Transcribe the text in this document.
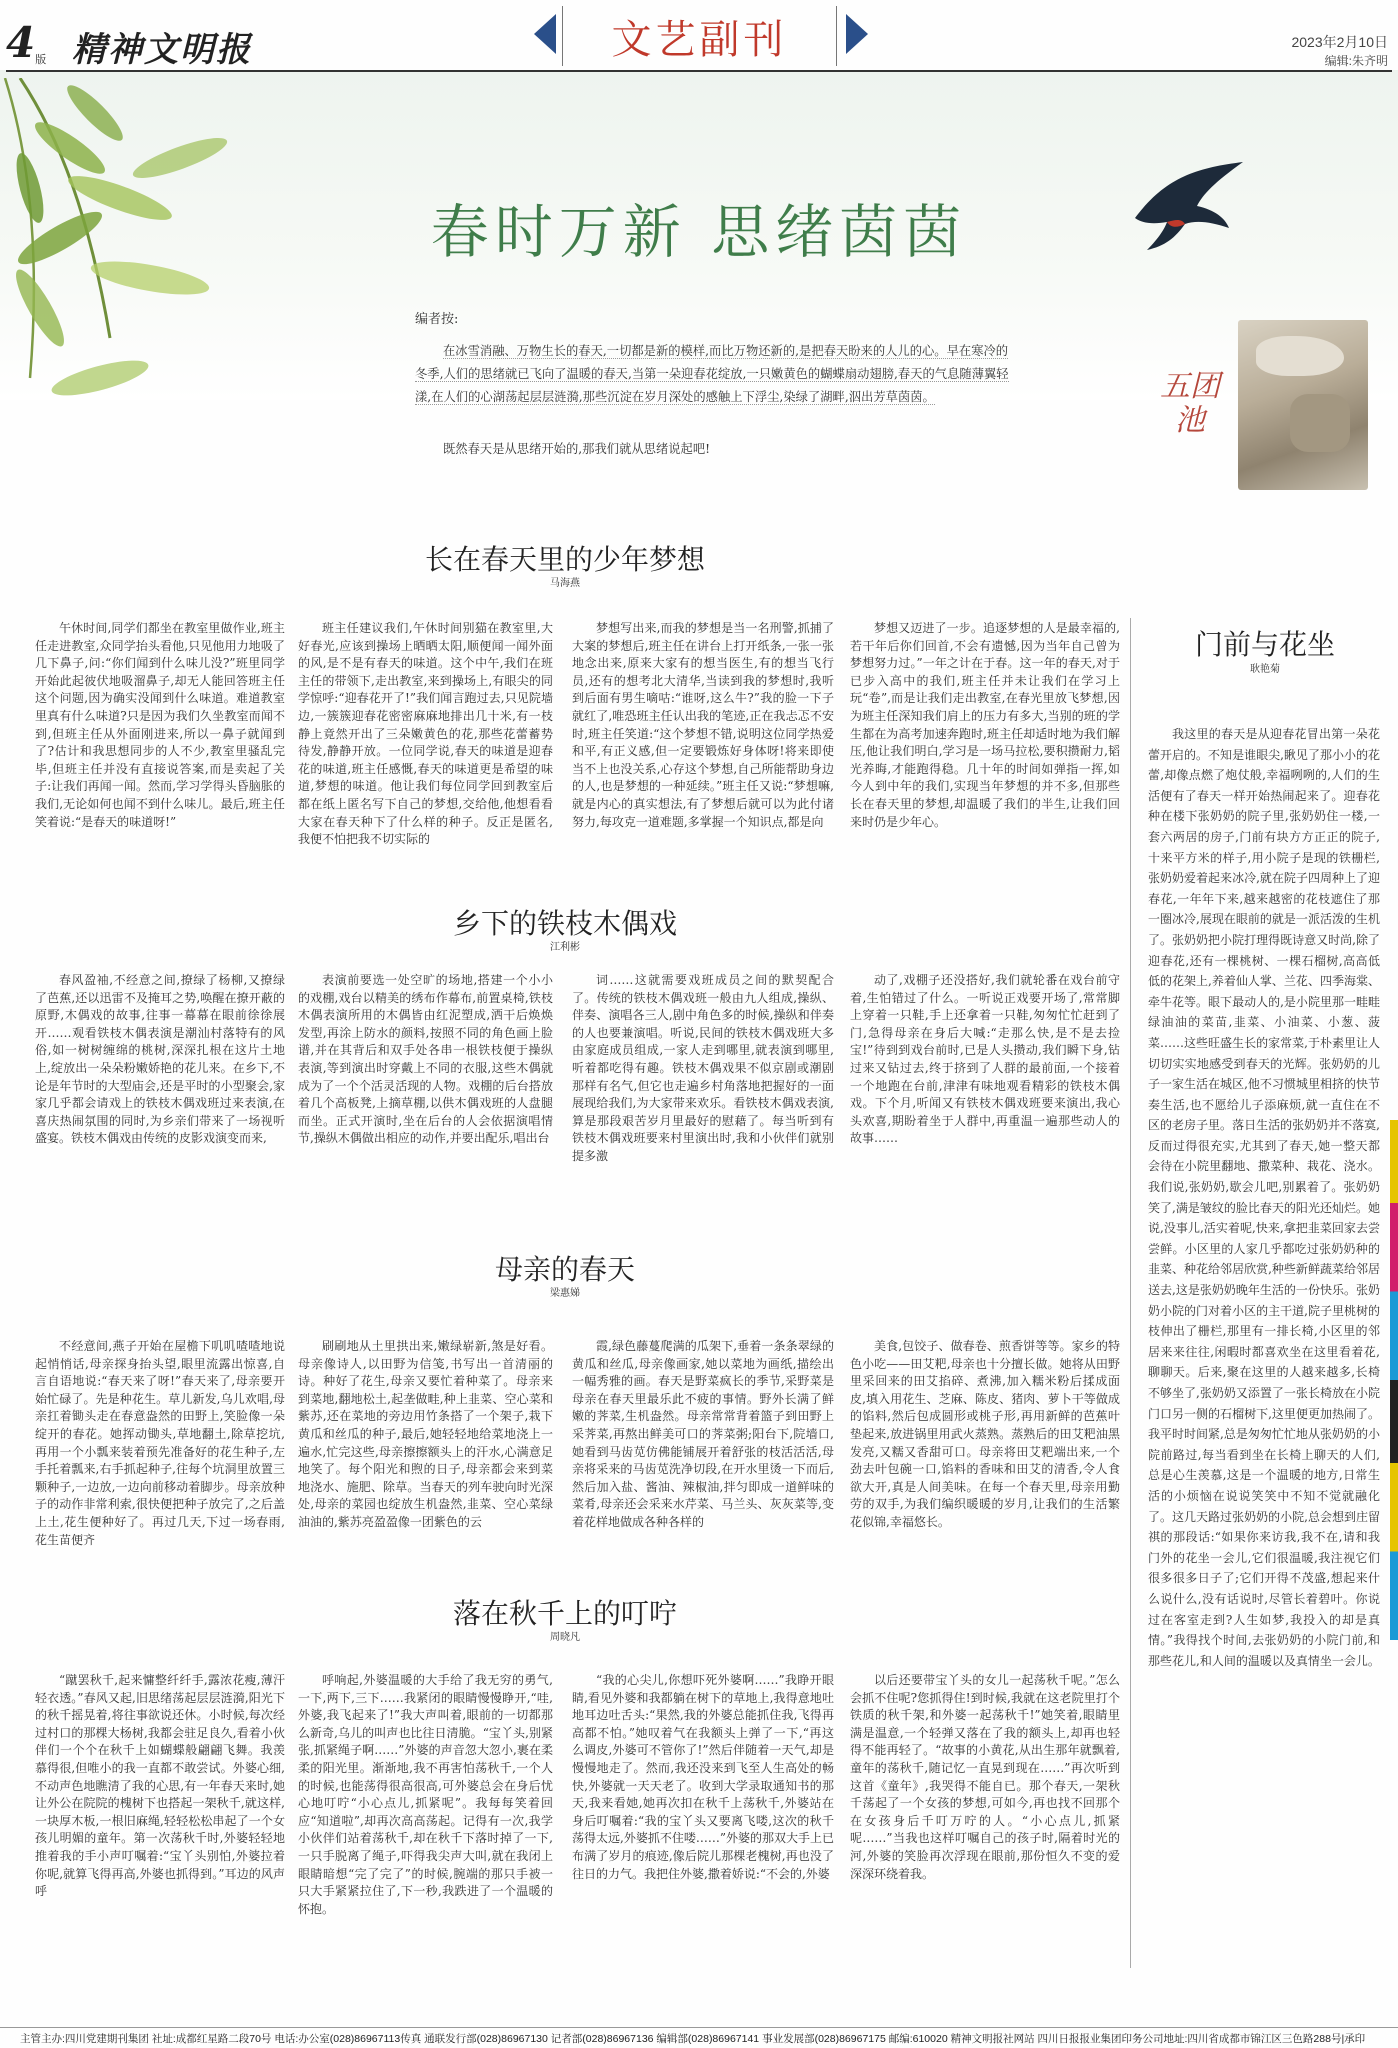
4版 精神文明报	文艺副刊	2023年2月10日
编辑:朱齐明
五团池
春时万新 思绪茵茵
编者按:
在冰雪消融、万物生长的春天,一切都是新的模样,而比万物还新的,是把春天盼来的人儿的心。早在寒冷的冬季,人们的思绪就已飞向了温暖的春天,当第一朵迎春花绽放,一只嫩黄色的蝴蝶扇动翅膀,春天的气息随薄翼轻漾,在人们的心湖荡起层层涟漪,那些沉淀在岁月深处的感触上下浮尘,染绿了湖畔,泅出芳草茵茵。
既然春天是从思绪开始的,那我们就从思绪说起吧!
长在春天里的少年梦想
马海燕

午休时间,同学们都坐在教室里做作业,班主任走进教室,众同学抬头看他,只见他用力地吸了几下鼻子,问:“你们闻到什么味儿没?”班里同学开始此起彼伏地吸溜鼻子,却无人能回答班主任这个问题,因为确实没闻到什么味道。难道教室里真有什么味道?只是因为我们久坐教室而闻不到,但班主任从外面刚进来,所以一鼻子就闻到了?估计和我思想同步的人不少,教室里骚乱完毕,但班主任并没有直接说答案,而是卖起了关子:让我们再闻一闻。然而,学习学得头昏脑胀的我们,无论如何也闻不到什么味儿。最后,班主任笑着说:“是春天的味道呀!”

班主任建议我们,午休时间别猫在教室里,大好春光,应该到操场上晒晒太阳,顺便闻一闻外面的风,是不是有春天的味道。这个中午,我们在班主任的带领下,走出教室,来到操场上,有眼尖的同学惊呼:“迎春花开了!”我们闻言跑过去,只见院墙边,一簇簇迎春花密密麻麻地排出几十米,有一枝静上竟然开出了三朵嫩黄色的花,那些花蕾蓄势待发,静静开放。一位同学说,春天的味道是迎春花的味道,班主任感慨,春天的味道更是希望的味道,梦想的味道。他让我们每位同学回到教室后都在纸上匿名写下自己的梦想,交给他,他想看看大家在春天种下了什么样的种子。反正是匿名,我便不怕把我不切实际的

梦想写出来,而我的梦想是当一名刑警,抓捕了大案的梦想后,班主任在讲台上打开纸条,一张一张地念出来,原来大家有的想当医生,有的想当飞行员,还有的想考北大清华,当读到我的梦想时,我听到后面有男生嘀咕:“谁呀,这么牛?”我的脸一下子就红了,唯恐班主任认出我的笔迹,正在我忐忑不安时,班主任笑道:“这个梦想不错,说明这位同学热爱和平,有正义感,但一定要锻炼好身体呀!将来即使当不上也没关系,心存这个梦想,自己所能帮助身边的人,也是梦想的一种延续。”班主任又说:“梦想嘛,就是内心的真实想法,有了梦想后就可以为此付诸努力,每攻克一道难题,多掌握一个知识点,都是向

梦想又迈进了一步。追逐梦想的人是最幸福的,若干年后你们回首,不会有遗憾,因为当年自己曾为梦想努力过。”一年之计在于春。这一年的春天,对于已步入高中的我们,班主任并未让我们在学习上玩“卷”,而是让我们走出教室,在春光里放飞梦想,因为班主任深知我们肩上的压力有多大,当别的班的学生都在为高考加速奔跑时,班主任却适时地为我们解压,他让我们明白,学习是一场马拉松,要积攒耐力,韬光养晦,才能跑得稳。几十年的时间如弹指一挥,如今人到中年的我们,实现当年梦想的并不多,但那些长在春天里的梦想,却温暖了我们的半生,让我们回来时仍是少年心。

乡下的铁枝木偶戏
江利彬

春风盈袖,不经意之间,撩绿了杨柳,又撩绿了芭蕉,还以迅雷不及掩耳之势,唤醒在撩开蔽的原野,木偶戏的故事,往事一幕幕在眼前徐徐展开……观看铁枝木偶表演是潮汕村落特有的风俗,如一树树缠绵的桃树,深深扎根在这片土地上,绽放出一朵朵粉嫩娇艳的花儿来。在乡下,不论是年节时的大型庙会,还是平时的小型聚会,家家几乎都会请戏上的铁枝木偶戏班过来表演,在喜庆热闹氛围的同时,为乡亲们带来了一场视听盛宴。铁枝木偶戏由传统的皮影戏演变而来,

表演前要选一处空旷的场地,搭建一个小小的戏棚,戏台以精美的绣布作幕布,前置桌椅,铁枝木偶表演所用的木偶皆由红泥塑成,洒干后焕焕发型,再涂上防水的颜料,按照不同的角色画上脸谱,并在其背后和双手处各串一根铁枝便于操纵表演,等到演出时穿戴上不同的衣服,这些木偶就成为了一个个活灵活现的人物。戏棚的后台搭放着几个高板凳,上摘草棚,以供木偶戏班的人盘腿而坐。正式开演时,坐在后台的人会依据演唱情节,操纵木偶做出相应的动作,并要出配乐,唱出台

词……这就需要戏班成员之间的默契配合了。传统的铁枝木偶戏班一般由九人组成,操纵、伴奏、演唱各三人,剧中角色多的时候,操纵和伴奏的人也要兼演唱。听说,民间的铁枝木偶戏班大多由家庭成员组成,一家人走到哪里,就表演到哪里,听着都吃得有趣。铁枝木偶戏果不似京剧或潮剧那样有名气,但它也走遍乡村角落地把握好的一面展现给我们,为大家带来欢乐。看铁枝木偶戏表演,算是那段艰苦岁月里最好的慰藉了。每当听到有铁枝木偶戏班要来村里演出时,我和小伙伴们就别提多激

动了,戏棚子还没搭好,我们就轮番在戏台前守着,生怕错过了什么。一听说正戏要开场了,常常脚上穿着一只鞋,手上还拿着一只鞋,匆匆忙忙赶到了门,急得母亲在身后大喊:“走那么快,是不是去捡宝!”待到到戏台前时,已是人头攒动,我们瞬下身,钻过来又钻过去,终于挤到了人群的最前面,一个接着一个地跑在台前,津津有味地观看精彩的铁枝木偶戏。下个月,听闻又有铁枝木偶戏班要来演出,我心头欢喜,期盼着坐于人群中,再重温一遍那些动人的故事……

母亲的春天
梁惠娣

不经意间,燕子开始在屋檐下叽叽喳喳地说起悄悄话,母亲探身抬头望,眼里流露出惊喜,自言自语地说:“春天来了呀!”春天来了,母亲要开始忙碌了。先是种花生。草儿新发,乌儿欢唱,母亲扛着锄头走在春意盎然的田野上,笑脸像一朵绽开的春花。她挥动锄头,草地翻土,除草挖坑,再用一个小瓢来装着预先准备好的花生种子,左手托着瓢来,右手抓起种子,往每个坑洞里放置三颗种子,一边放,一边向前移动着脚步。母亲放种子的动作非常利索,很快便把种子放完了,之后盖上土,花生便种好了。再过几天,下过一场春雨,花生苗便齐

刷刷地从土里拱出来,嫩绿崭新,煞是好看。母亲像诗人,以田野为信笺,书写出一首清丽的诗。种好了花生,母亲又要忙着种菜了。母亲来到菜地,翻地松土,起垄做畦,种上韭菜、空心菜和紫苏,还在菜地的旁边用竹条搭了一个架子,栽下黄瓜和丝瓜的种子,最后,她轻轻地给菜地浇上一遍水,忙完这些,母亲擦擦额头上的汗水,心满意足地笑了。每个阳光和煦的日子,母亲都会来到菜地浇水、施肥、除草。当春天的列车驶向时光深处,母亲的菜园也绽放生机盎然,韭菜、空心菜绿油油的,紫苏亮盈盈像一团紫色的云

霞,绿色藤蔓爬满的瓜架下,垂着一条条翠绿的黄瓜和丝瓜,母亲像画家,她以菜地为画纸,描绘出一幅秀雅的画。春天是野菜疯长的季节,采野菜是母亲在春天里最乐此不疲的事情。野外长满了鲜嫩的荠菜,生机盎然。母亲常常背着篮子到田野上采荠菜,再熬出鲜美可口的荠菜粥;阳台下,院墙口,她看到马齿苋仿佛能铺展开着舒张的枝活活活,母亲将采来的马齿苋洗净切段,在开水里烫一下而后,然后加入盐、酱油、辣椒油,拌匀即成一道鲜味的菜肴,母亲还会采来水芹菜、马兰头、灰灰菜等,变着花样地做成各种各样的

美食,包饺子、做春卷、煎香饼等等。家乡的特色小吃——田艾粑,母亲也十分擅长做。她将从田野里采回来的田艾掐碎、煮沸,加入糯米粉后揉成面皮,填入用花生、芝麻、陈皮、猪肉、萝卜干等做成的馅料,然后包成圆形或桃子形,再用新鲜的芭蕉叶垫起来,放进锅里用武火蒸熟。蒸熟后的田艾粑油黑发亮,又糯又香甜可口。母亲将田艾粑端出来,一个劲去叶包碗一口,馅料的香味和田艾的清香,令人食欲大开,真是人间美味。在每一个春天里,母亲用勤劳的双手,为我们编织暖暖的岁月,让我们的生活繁花似锦,幸福悠长。

落在秋千上的叮咛
周晓凡

“蹴罢秋千,起来慵整纤纤手,露浓花瘦,薄汗轻衣透。”春风又起,旧思绪荡起层层涟漪,阳光下的秋千摇晃着,将往事欲说还休。小时候,每次经过村口的那棵大杨树,我都会驻足良久,看着小伙伴们一个个在秋千上如蝴蝶般翩翩飞舞。我羡慕得很,但唯小的我一直都不敢尝试。外婆心细,不动声色地瞧清了我的心思,有一年春天来时,她让外公在院院的槐树下也搭起一架秋千,就这样,一块厚木板,一根旧麻绳,轻轻松松串起了一个女孩儿明媚的童年。第一次荡秋千时,外婆轻轻地推着我的手小声叮嘱着:“宝丫头别怕,外婆拉着你呢,就算飞得再高,外婆也抓得到。”耳边的风声呼

呼响起,外婆温暖的大手给了我无穷的勇气,一下,两下,三下……我紧闭的眼睛慢慢睁开,“哇,外婆,我飞起来了!”我大声叫着,眼前的一切都那么新奇,乌儿的叫声也比往日清脆。“宝丫头,别紧张,抓紧绳子啊……”外婆的声音忽大忽小,裹在柔柔的阳光里。渐渐地,我不再害怕荡秋千,一个人的时候,也能荡得很高很高,可外婆总会在身后忧心地叮咛“小心点儿,抓紧呢”。我每每笑着回应“知道啦”,却再次高高荡起。记得有一次,我学小伙伴们站着荡秋千,却在秋千下落时掉了一下,一只手脱离了绳子,吓得我尖声大叫,就在我闭上眼睛暗想“完了完了”的时候,腕端的那只手被一只大手紧紧拉住了,下一秒,我跌进了一个温暖的怀抱。

“我的心尖儿,你想吓死外婆啊……”我睁开眼睛,看见外婆和我都躺在树下的草地上,我得意地吐地耳边吐舌头:“果然,我的外婆总能抓住我,飞得再高都不怕。”她叹着气在我额头上弹了一下,“再这么调皮,外婆可不管你了!”然后伴随着一天气,却是慢慢地走了。然而,我还没来到飞至人生高处的畅快,外婆就一天天老了。收到大学录取通知书的那天,我来看她,她再次扣在秋千上荡秋千,外婆站在身后叮嘱着:“我的宝丫头又要离飞喽,这次的秋千荡得太远,外婆抓不住喽……”外婆的那双大手上已布满了岁月的痕迹,像后院儿那棵老槐树,再也没了往日的力气。我把住外婆,撒着娇说:“不会的,外婆

以后还要带宝丫头的女儿一起荡秋千呢。”怎么会抓不住呢?您抓得住!到时候,我就在这老院里打个铁质的秋千架,和外婆一起荡秋千!”她笑着,眼睛里满是温意,一个轻弹又落在了我的额头上,却再也轻得不能再轻了。“故事的小黄花,从出生那年就飘着,童年的荡秋千,随记忆一直晃到现在……”再次听到这首《童年》,我哭得不能自已。那个春天,一架秋千荡起了一个女孩的梦想,可如今,再也找不回那个在女孩身后千叮万咛的人。“小心点儿,抓紧呢……”当我也这样叮嘱自己的孩子时,隔着时光的河,外婆的笑脸再次浮现在眼前,那份恒久不变的爱深深环绕着我。

门前与花坐
耿艳菊

我这里的春天是从迎春花冒出第一朵花蕾开启的。不知是谁眼尖,瞅见了那小小的花蕾,却像点燃了炮仗般,幸福咧咧的,人们的生活便有了春天一样开始热闹起来了。迎春花种在楼下张奶奶的院子里,张奶奶住一楼,一套六两居的房子,门前有块方方正正的院子,十来平方米的样子,用小院子是现的铁栅栏,张奶奶爱着起来冰冷,就在院子四周种上了迎春花,一年年下来,越来越密的花枝遮住了那一圈冰冷,展现在眼前的就是一派活泼的生机了。张奶奶把小院打理得既诗意又时尚,除了迎春花,还有一棵桃树、一棵石榴树,高高低低的花架上,养着仙人掌、兰花、四季海棠、牵牛花等。眼下最动人的,是小院里那一畦畦绿油油的菜苗,韭菜、小油菜、小葱、菠菜……这些旺盛生长的家常菜,于朴素里让人切切实实地感受到春天的光辉。张奶奶的儿子一家生活在城区,他不习惯城里相挤的快节奏生活,也不愿给儿子添麻烦,就一直住在不区的老房子里。落日生活的张奶奶并不落寞,反而过得很充实,尤其到了春天,她一整天都会待在小院里翻地、撒菜种、栽花、浇水。我们说,张奶奶,歇会儿吧,别累着了。张奶奶笑了,满是皱纹的脸比春天的阳光还灿烂。她说,没事儿,活实着呢,快来,拿把韭菜回家去尝尝鲜。小区里的人家几乎都吃过张奶奶种的韭菜、种花给邻居欣赏,种些新鲜蔬菜给邻居送去,这是张奶奶晚年生活的一份快乐。张奶奶小院的门对着小区的主干道,院子里桃树的枝伸出了栅栏,那里有一排长椅,小区里的邻居来来往往,闲暇时都喜欢坐在这里看着花,聊聊天。后来,聚在这里的人越来越多,长椅不够坐了,张奶奶又添置了一张长椅放在小院门口另一侧的石榴树下,这里便更加热闹了。我平时时间紧,总是匆匆忙忙地从张奶奶的小院前路过,每当看到坐在长椅上聊天的人们,总是心生羡慕,这是一个温暖的地方,日常生活的小烦恼在说说笑笑中不知不觉就融化了。这几天路过张奶奶的小院,总会想到庄留祺的那段话:“如果你来访我,我不在,请和我门外的花坐一会儿,它们很温暖,我注视它们很多很多日子了;它们开得不茂盛,想起来什么说什么,没有话说时,尽管长着碧叶。你说过在客室走到?人生如梦,我投入的却是真情。”我得找个时间,去张奶奶的小院门前,和那些花儿,和人间的温暖以及真情坐一会儿。

主管主办:四川党建期刊集团 社址:成都红星路二段70号 电话:办公室(028)86967113传真 通联发行部(028)86967130 记者部(028)86967136 编辑部(028)86967141 事业发展部(028)86967175 邮编:610020 精神文明报社网站 四川日报报业集团印务公司地址:四川省成都市锦江区三色路288号|承印
